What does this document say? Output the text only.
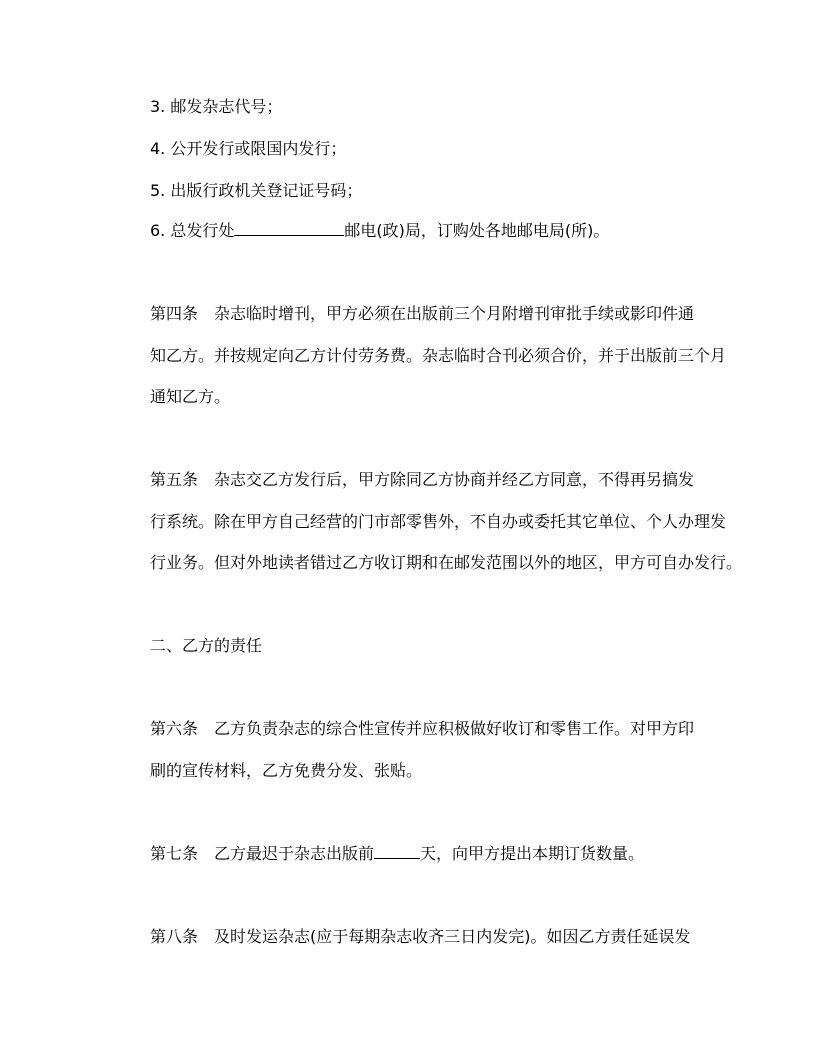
3. 邮发杂志代号；
4. 公开发行或限国内发行；
5. 出版行政机关登记证号码；
6. 总发行处	邮电(政)局，订购处各地邮电局(所)。
第四条　杂志临时增刊，甲方必须在出版前三个月附增刊审批手续或影印件通
知乙方。并按规定向乙方计付劳务费。杂志临时合刊必须合价，并于出版前三个月
通知乙方。
第五条　杂志交乙方发行后，甲方除同乙方协商并经乙方同意，不得再另搞发
行系统。除在甲方自己经营的门市部零售外，不自办或委托其它单位、个人办理发
行业务。但对外地读者错过乙方收订期和在邮发范围以外的地区，甲方可自办发行。
二、乙方的责任
第六条　乙方负责杂志的综合性宣传并应积极做好收订和零售工作。对甲方印
刷的宣传材料，乙方免费分发、张贴。
第七条　乙方最迟于杂志出版前	天，向甲方提出本期订货数量。
第八条　及时发运杂志(应于每期杂志收齐三日内发完)。如因乙方责任延误发
